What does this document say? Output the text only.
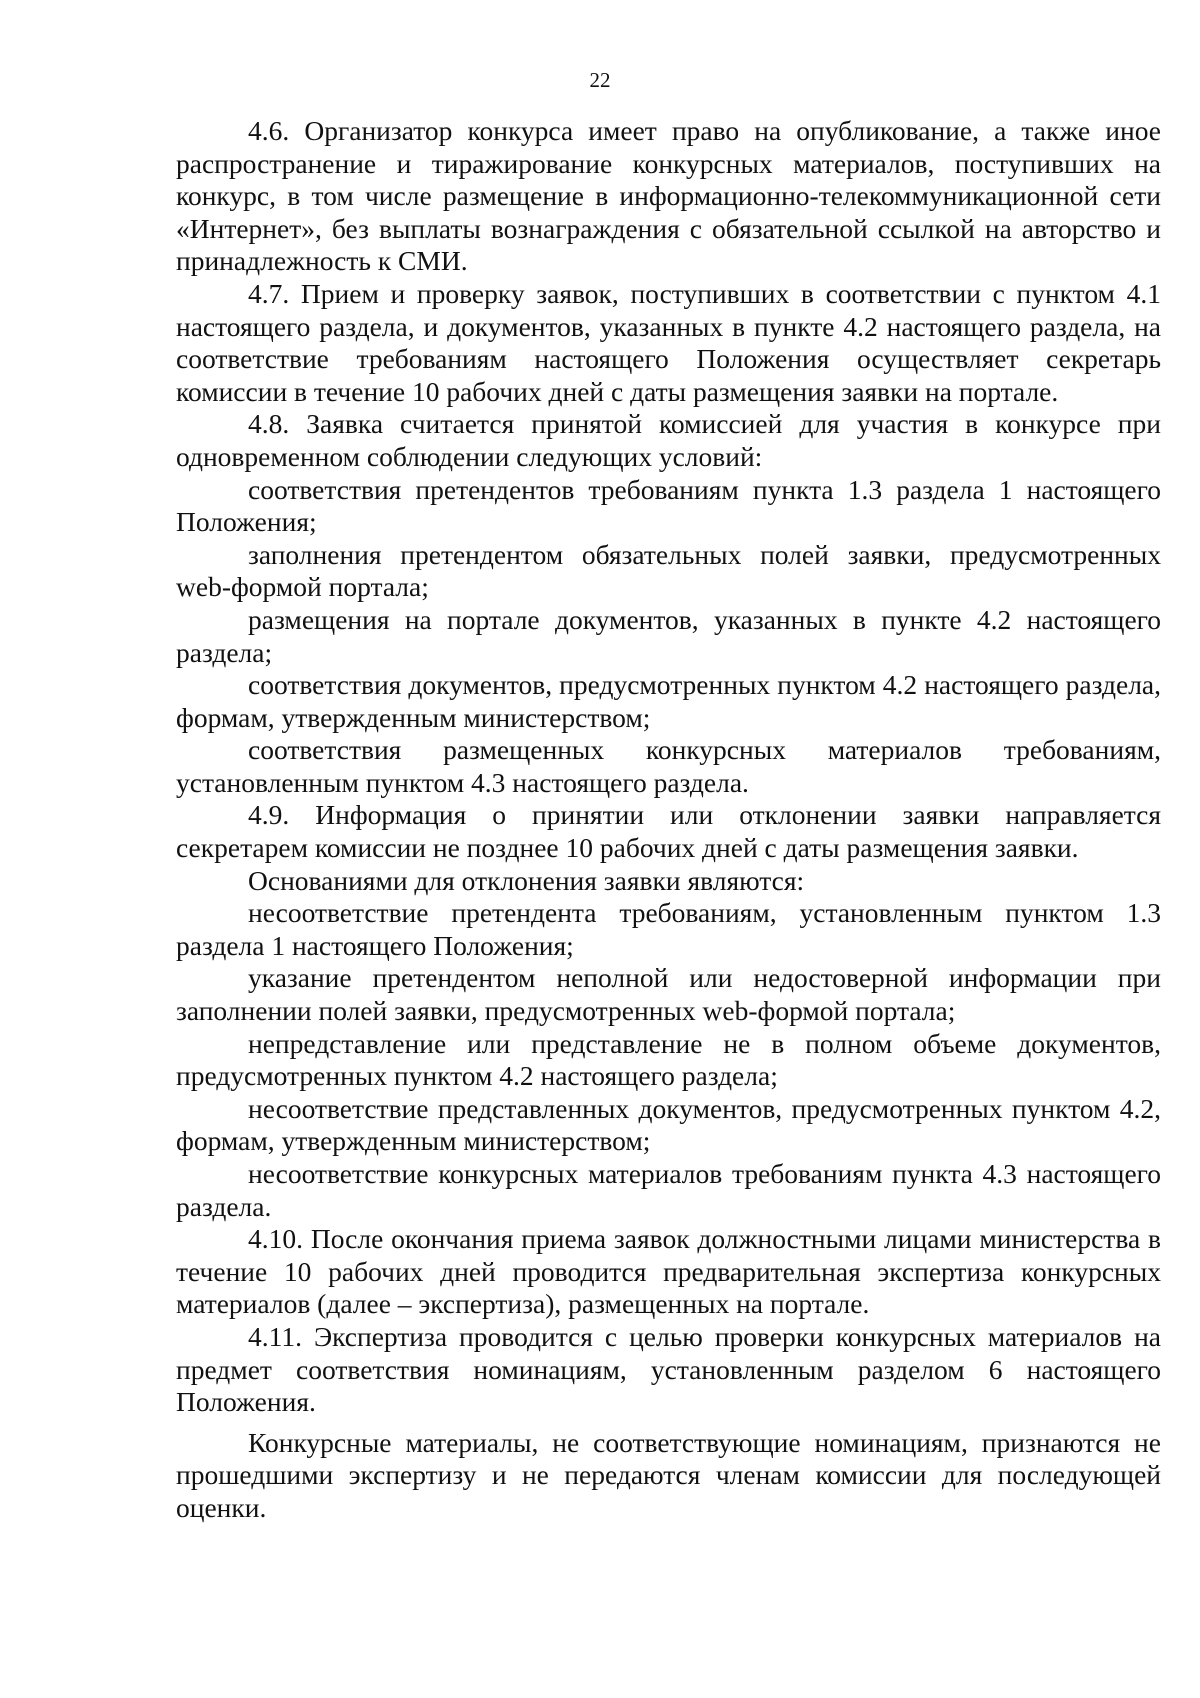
22

4.6. Организатор конкурса имеет право на опубликование, а также иное распространение и тиражирование конкурсных материалов, поступивших на конкурс, в том числе размещение в информационно-телекоммуникационной сети «Интернет», без выплаты вознаграждения с обязательной ссылкой на авторство и принадлежность к СМИ.

4.7. Прием и проверку заявок, поступивших в соответствии с пунктом 4.1 настоящего раздела, и документов, указанных в пункте 4.2 настоящего раздела, на соответствие требованиям настоящего Положения осуществляет секретарь комиссии в течение 10 рабочих дней с даты размещения заявки на портале.

4.8. Заявка считается принятой комиссией для участия в конкурсе при одновременном соблюдении следующих условий:

соответствия претендентов требованиям пункта 1.3 раздела 1 настоящего Положения;

заполнения претендентом обязательных полей заявки, предусмотренных web-формой портала;

размещения на портале документов, указанных в пункте 4.2 настоящего раздела;

соответствия документов, предусмотренных пунктом 4.2 настоящего раздела, формам, утвержденным министерством;

соответствия размещенных конкурсных материалов требованиям, установленным пунктом 4.3 настоящего раздела.

4.9. Информация о принятии или отклонении заявки направляется секретарем комиссии не позднее 10 рабочих дней с даты размещения заявки.

Основаниями для отклонения заявки являются:

несоответствие претендента требованиям, установленным пунктом 1.3 раздела 1 настоящего Положения;

указание претендентом неполной или недостоверной информации при заполнении полей заявки, предусмотренных web-формой портала;

непредставление или представление не в полном объеме документов, предусмотренных пунктом 4.2 настоящего раздела;

несоответствие представленных документов, предусмотренных пунктом 4.2, формам, утвержденным министерством;

несоответствие конкурсных материалов требованиям пункта 4.3 настоящего раздела.

4.10. После окончания приема заявок должностными лицами министерства в течение 10 рабочих дней проводится предварительная экспертиза конкурсных материалов (далее – экспертиза), размещенных на портале.

4.11. Экспертиза проводится с целью проверки конкурсных материалов на предмет соответствия номинациям, установленным разделом 6 настоящего Положения.

Конкурсные материалы, не соответствующие номинациям, признаются не прошедшими экспертизу и не передаются членам комиссии для последующей оценки.
